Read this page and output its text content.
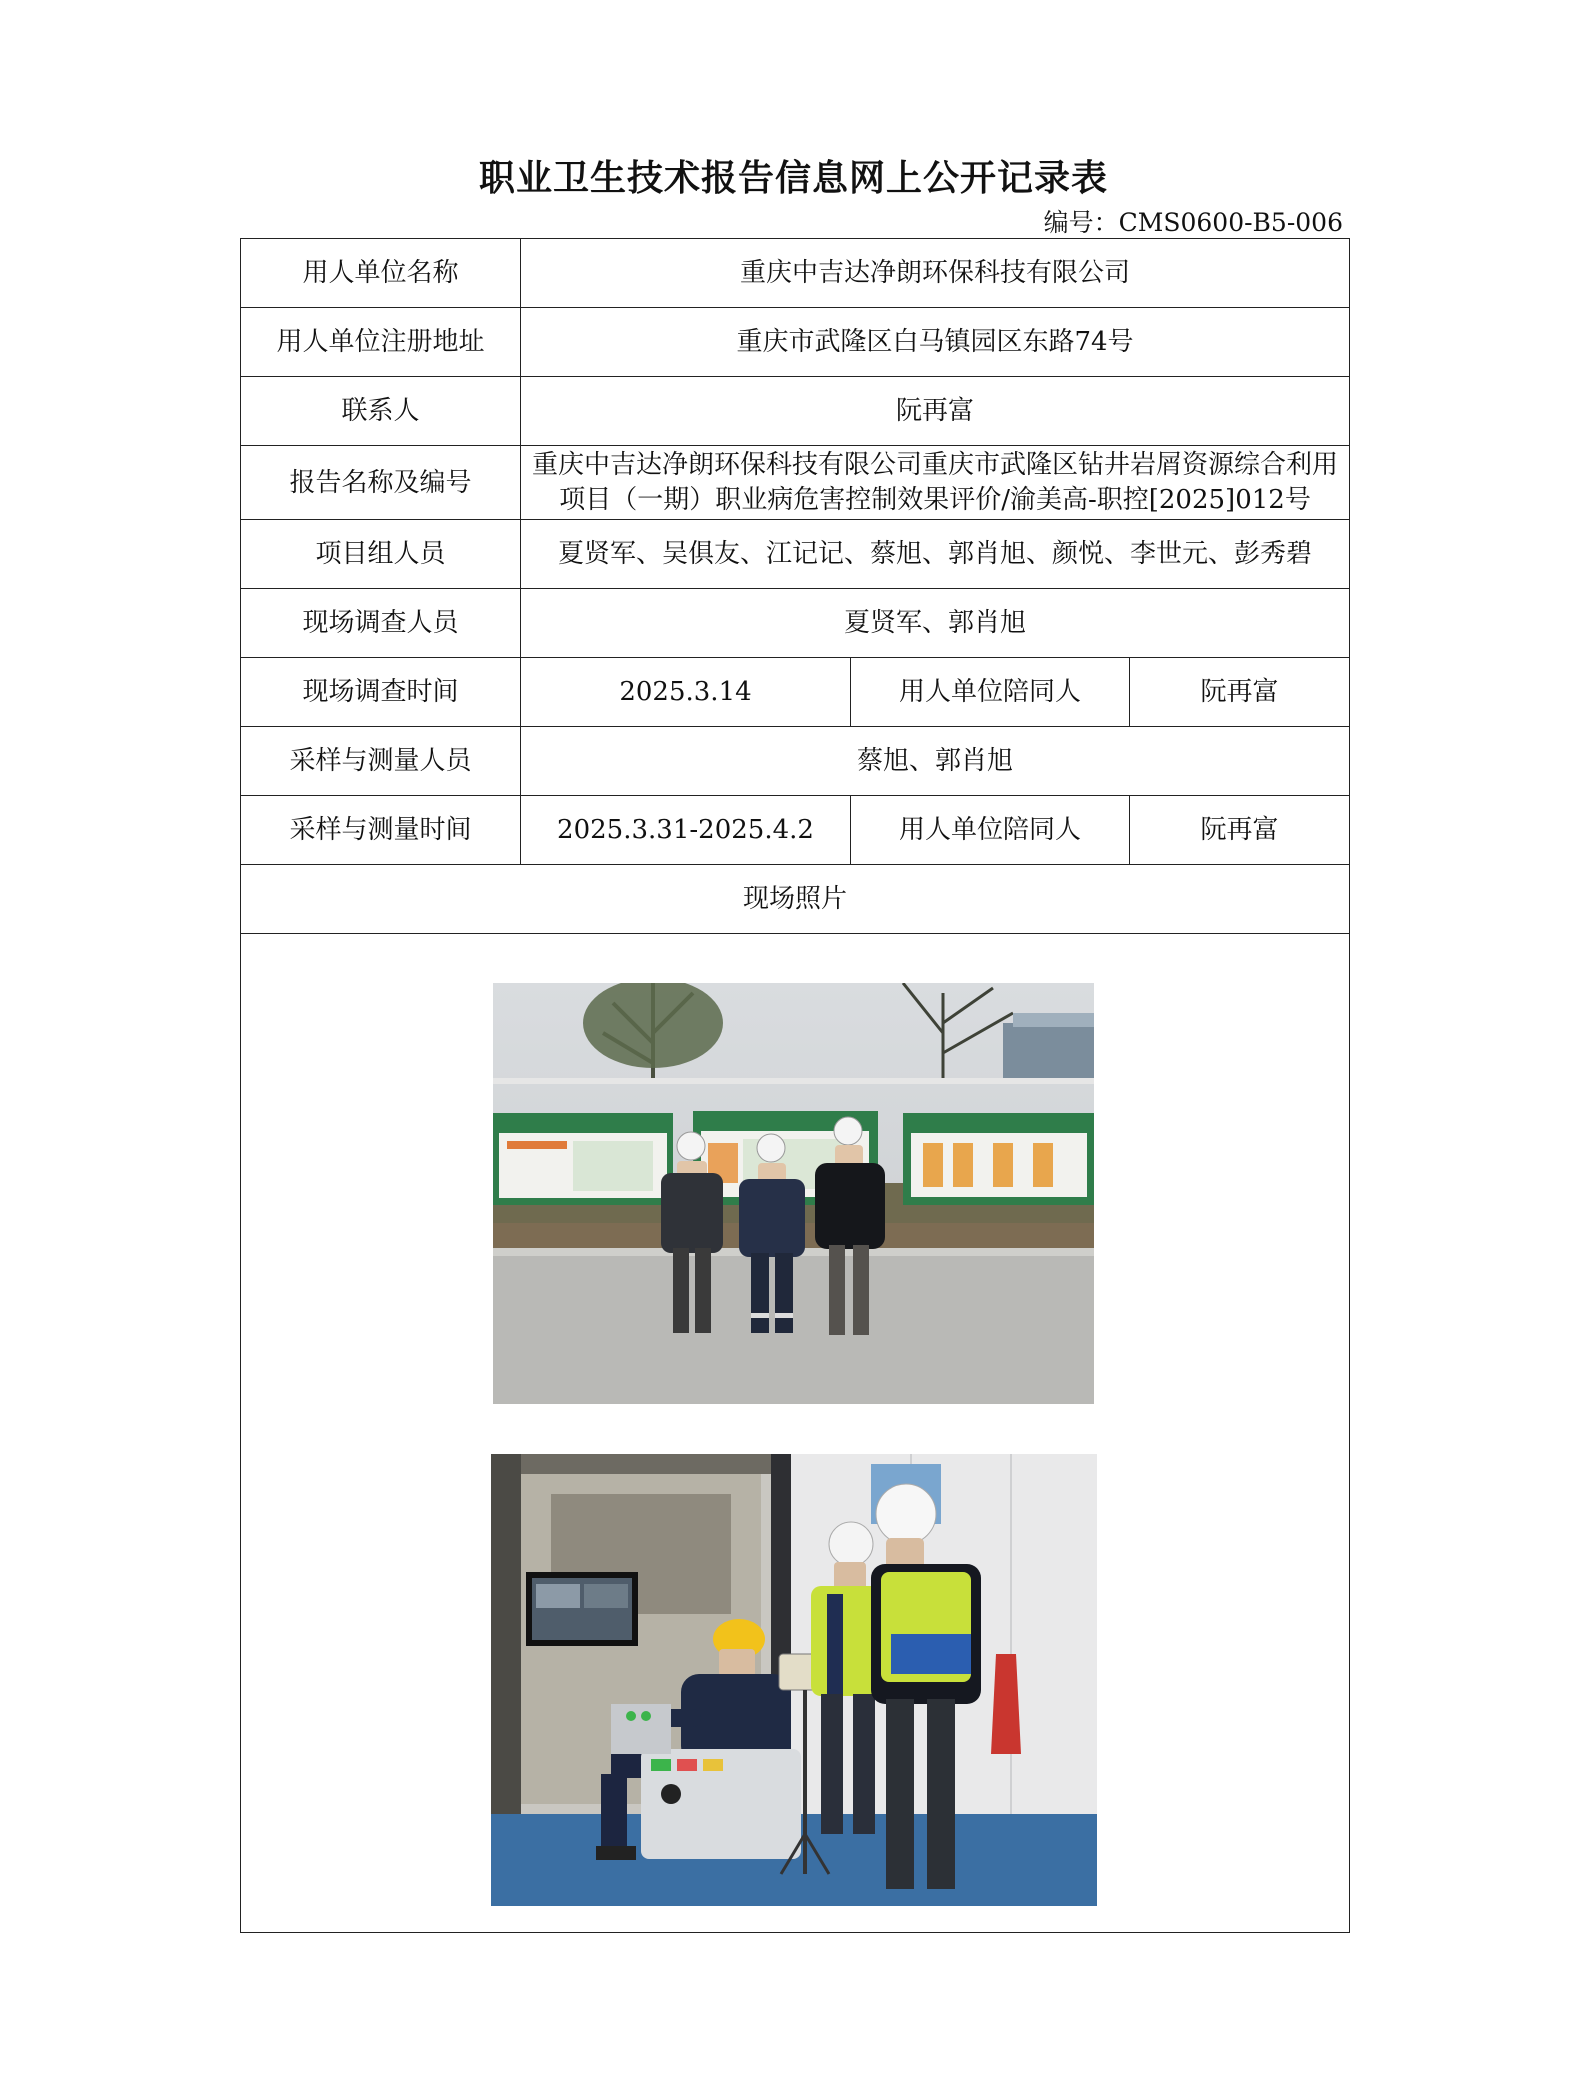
职业卫生技术报告信息网上公开记录表
编号：CMS0600-B5-006
用人单位名称	重庆中吉达净朗环保科技有限公司		
用人单位注册地址	重庆市武隆区白马镇园区东路74号		
联系人	阮再富		
报告名称及编号	重庆中吉达净朗环保科技有限公司重庆市武隆区钻井岩屑资源综合利用
项目（一期）职业病危害控制效果评价/渝美高-职控[2025]012号		

项目组人员	夏贤军、吴俱友、江记记、蔡旭、郭肖旭、颜悦、李世元、彭秀碧		
现场调查人员	夏贤军、郭肖旭		
现场调查时间	2025.3.14	用人单位陪同人	阮再富
采样与测量人员	蔡旭、郭肖旭		
采样与测量时间	2025.3.31-2025.4.2	用人单位陪同人	阮再富
现场照片			
